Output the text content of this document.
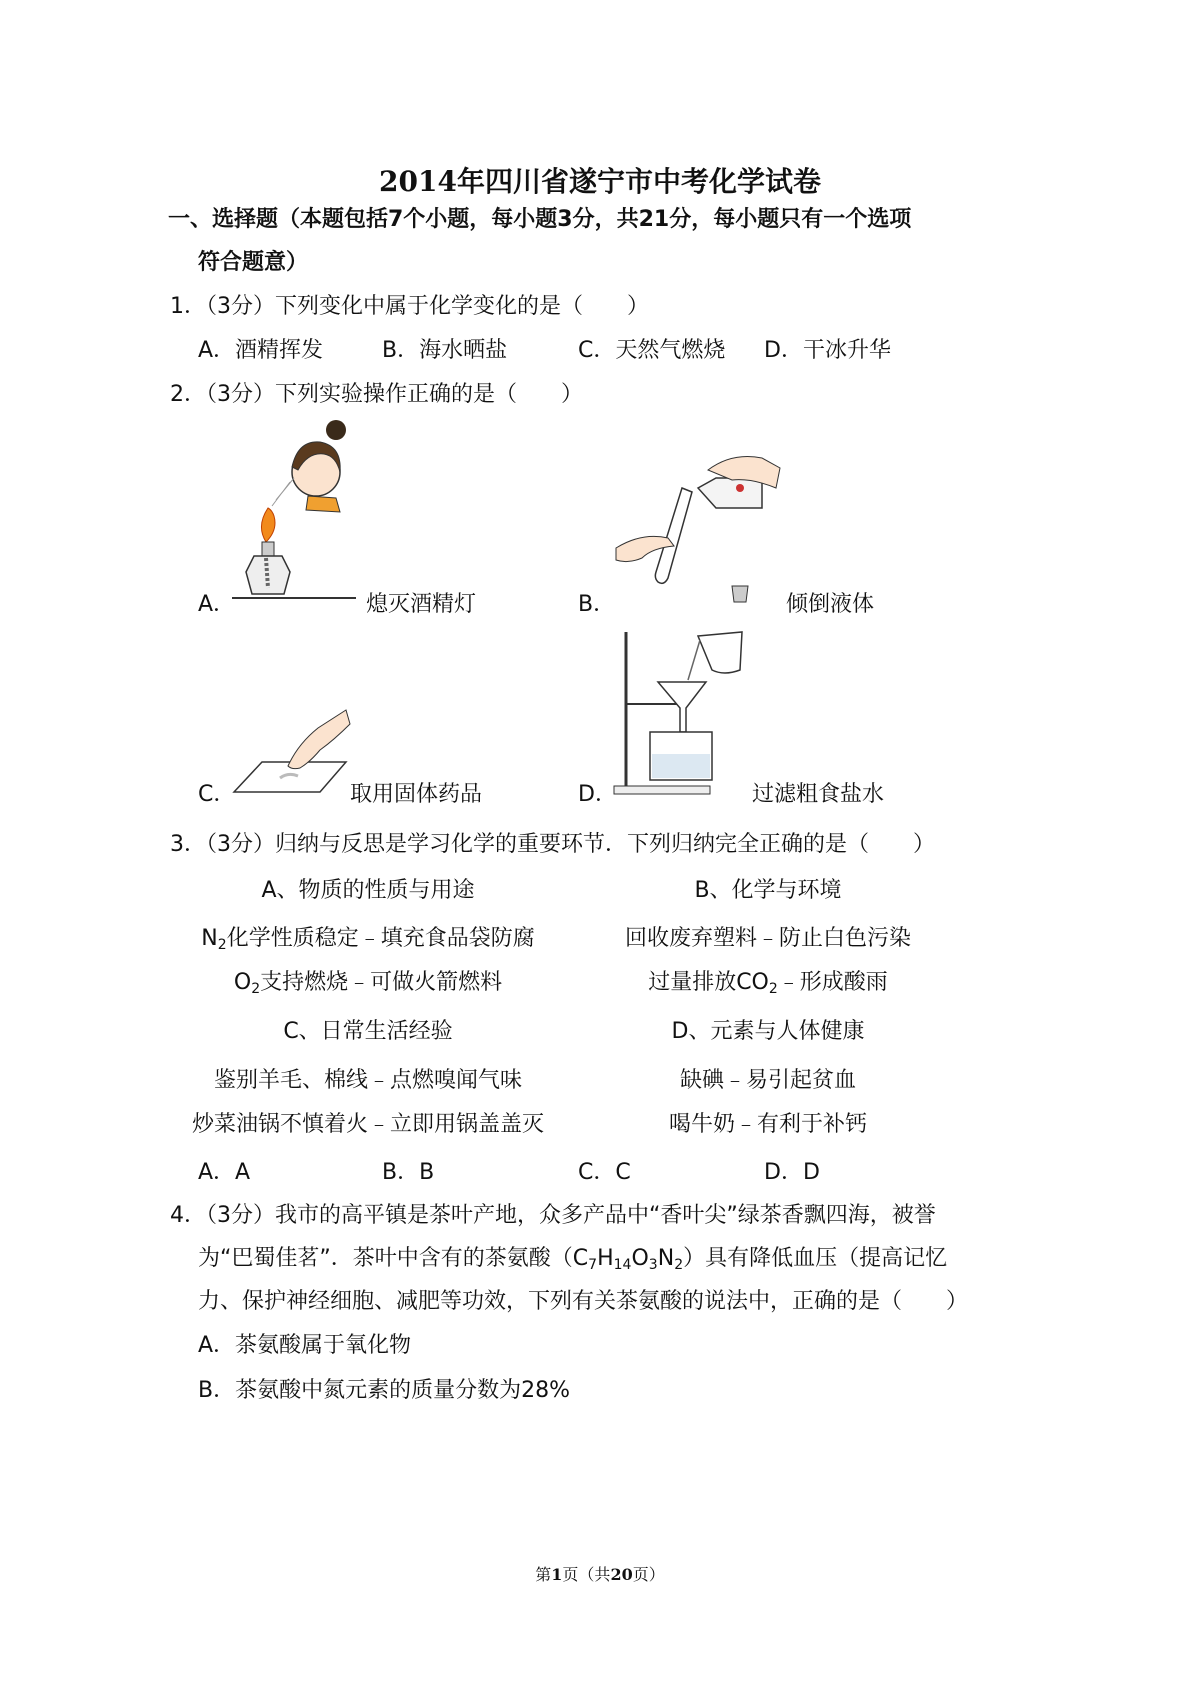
2014年四川省遂宁市中考化学试卷
一、选择题（本题包括7个小题，每小题3分，共21分，每小题只有一个选项
符合题意）
1．（3分）下列变化中属于化学变化的是（　　）
A．酒精挥发	B．海水晒盐	C．天然气燃烧 D．干冰升华
2．（3分）下列实验操作正确的是（　　）
A．	熄灭酒精灯	B．	倾倒液体
C．	取用固体药品	D．	过滤粗食盐水
3．（3分）归纳与反思是学习化学的重要环节．下列归纳完全正确的是（　　）
A、物质的性质与用途	B、化学与环境
$N_2$化学性质稳定﹣填充食品袋防腐	回收废弃塑料﹣防止白色污染
$O_2$支持燃烧﹣可做火箭燃料	过量排放$CO_2﹣$形成酸雨
C、日常生活经验	D、元素与人体健康
鉴别羊毛、棉线﹣点燃嗅闻气味	缺碘﹣易引起贫血
炒菜油锅不慎着火﹣立即用锅盖盖灭	喝牛奶﹣有利于补钙
A．A	B．B	C．C	D．D
4．（3分）我市的高平镇是茶叶产地，众多产品中“香叶尖”绿茶香飘四海，被誉
为“巴蜀佳茗”．茶叶中含有的茶氨酸$(C_7H_{14}O_3N_2)$具有降低血压（提高记忆
力、保护神经细胞、减肥等功效，下列有关茶氨酸的说法中，正确的是（　　）
A．茶氨酸属于氧化物
B．茶氨酸中氮元素的质量分数为28%
第1页（共20页）
